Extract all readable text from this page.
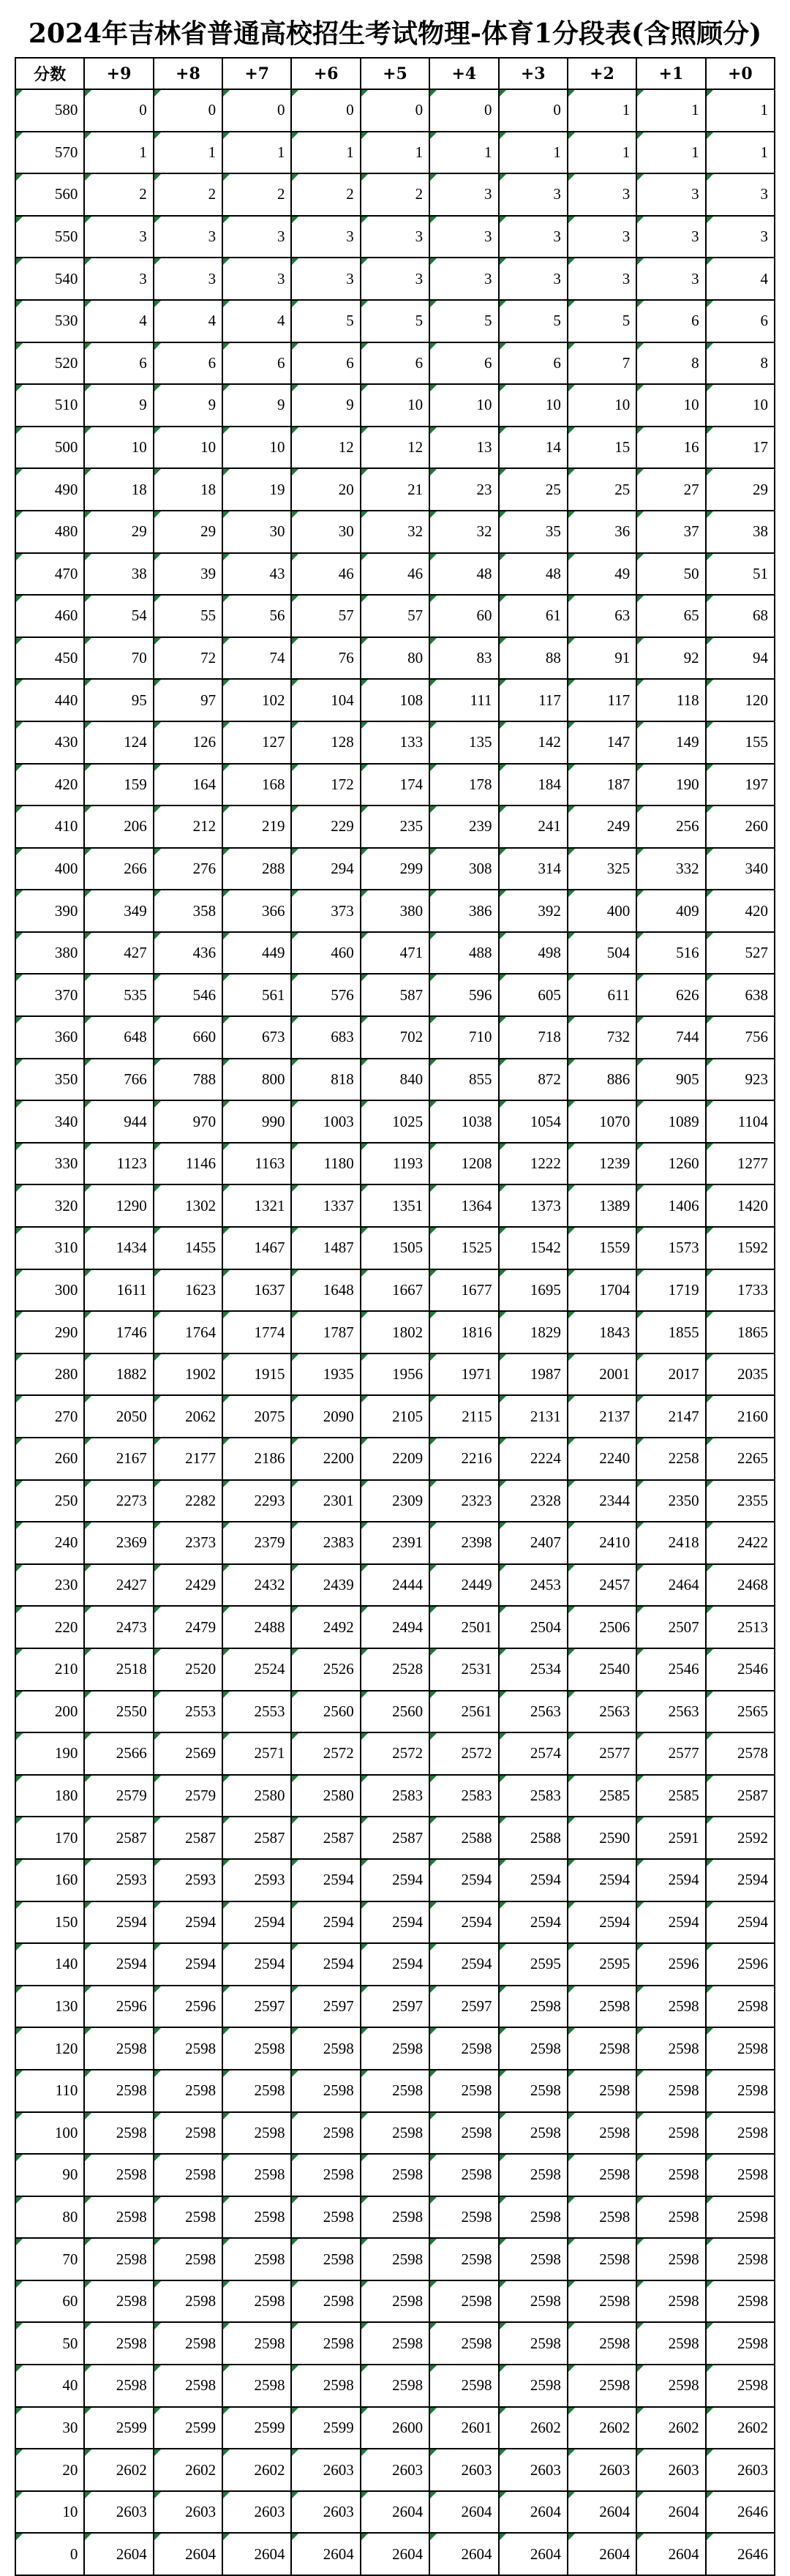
2024年吉林省普通高校招生考试物理-体育1分段表(含照顾分)
分数	+9	+8	+7	+6	+5	+4	+3	+2	+1	+0
580	0	0	0	0	0	0	0	1	1	1
570	1	1	1	1	1	1	1	1	1	1
560	2	2	2	2	2	3	3	3	3	3
550	3	3	3	3	3	3	3	3	3	3
540	3	3	3	3	3	3	3	3	3	4
530	4	4	4	5	5	5	5	5	6	6
520	6	6	6	6	6	6	6	7	8	8
510	9	9	9	9	10	10	10	10	10	10
500	10	10	10	12	12	13	14	15	16	17
490	18	18	19	20	21	23	25	25	27	29
480	29	29	30	30	32	32	35	36	37	38
470	38	39	43	46	46	48	48	49	50	51
460	54	55	56	57	57	60	61	63	65	68
450	70	72	74	76	80	83	88	91	92	94
440	95	97	102	104	108	111	117	117	118	120
430	124	126	127	128	133	135	142	147	149	155
420	159	164	168	172	174	178	184	187	190	197
410	206	212	219	229	235	239	241	249	256	260
400	266	276	288	294	299	308	314	325	332	340
390	349	358	366	373	380	386	392	400	409	420
380	427	436	449	460	471	488	498	504	516	527
370	535	546	561	576	587	596	605	611	626	638
360	648	660	673	683	702	710	718	732	744	756
350	766	788	800	818	840	855	872	886	905	923
340	944	970	990	1003	1025	1038	1054	1070	1089	1104
330	1123	1146	1163	1180	1193	1208	1222	1239	1260	1277
320	1290	1302	1321	1337	1351	1364	1373	1389	1406	1420
310	1434	1455	1467	1487	1505	1525	1542	1559	1573	1592
300	1611	1623	1637	1648	1667	1677	1695	1704	1719	1733
290	1746	1764	1774	1787	1802	1816	1829	1843	1855	1865
280	1882	1902	1915	1935	1956	1971	1987	2001	2017	2035
270	2050	2062	2075	2090	2105	2115	2131	2137	2147	2160
260	2167	2177	2186	2200	2209	2216	2224	2240	2258	2265
250	2273	2282	2293	2301	2309	2323	2328	2344	2350	2355
240	2369	2373	2379	2383	2391	2398	2407	2410	2418	2422
230	2427	2429	2432	2439	2444	2449	2453	2457	2464	2468
220	2473	2479	2488	2492	2494	2501	2504	2506	2507	2513
210	2518	2520	2524	2526	2528	2531	2534	2540	2546	2546
200	2550	2553	2553	2560	2560	2561	2563	2563	2563	2565
190	2566	2569	2571	2572	2572	2572	2574	2577	2577	2578
180	2579	2579	2580	2580	2583	2583	2583	2585	2585	2587
170	2587	2587	2587	2587	2587	2588	2588	2590	2591	2592
160	2593	2593	2593	2594	2594	2594	2594	2594	2594	2594
150	2594	2594	2594	2594	2594	2594	2594	2594	2594	2594
140	2594	2594	2594	2594	2594	2594	2595	2595	2596	2596
130	2596	2596	2597	2597	2597	2597	2598	2598	2598	2598
120	2598	2598	2598	2598	2598	2598	2598	2598	2598	2598
110	2598	2598	2598	2598	2598	2598	2598	2598	2598	2598
100	2598	2598	2598	2598	2598	2598	2598	2598	2598	2598
90	2598	2598	2598	2598	2598	2598	2598	2598	2598	2598
80	2598	2598	2598	2598	2598	2598	2598	2598	2598	2598
70	2598	2598	2598	2598	2598	2598	2598	2598	2598	2598
60	2598	2598	2598	2598	2598	2598	2598	2598	2598	2598
50	2598	2598	2598	2598	2598	2598	2598	2598	2598	2598
40	2598	2598	2598	2598	2598	2598	2598	2598	2598	2598
30	2599	2599	2599	2599	2600	2601	2602	2602	2602	2602
20	2602	2602	2602	2603	2603	2603	2603	2603	2603	2603
10	2603	2603	2603	2603	2604	2604	2604	2604	2604	2646
0	2604	2604	2604	2604	2604	2604	2604	2604	2604	2646
